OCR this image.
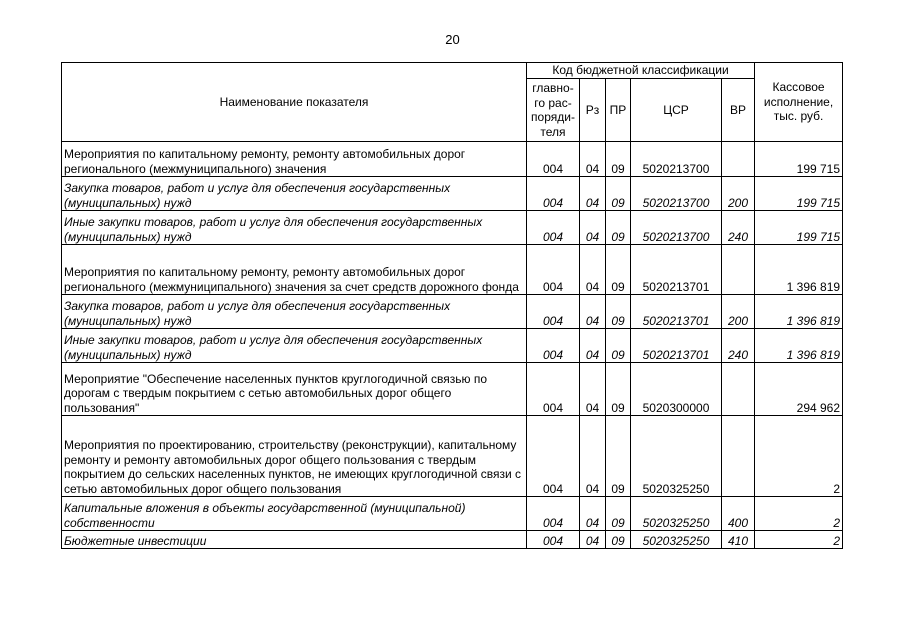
20
Наименование показателя	Код бюджетной классификации					Кассовое исполнение, тыс. руб.
	главно-го рас-поряди-теля	Рз	ПР	ЦСР	ВР	
Мероприятия по капитальному ремонту, ремонту автомобильных дорог регионального (межмуниципального) значения	004	04	09	5020213700		199 715
Закупка товаров, работ и услуг для обеспечения государственных (муниципальных) нужд	004	04	09	5020213700	200	199 715
Иные закупки товаров, работ и услуг для обеспечения государственных (муниципальных) нужд	004	04	09	5020213700	240	199 715
Мероприятия по капитальному ремонту, ремонту автомобильных дорог регионального (межмуниципального) значения за счет средств дорожного фонда	004	04	09	5020213701		1 396 819
Закупка товаров, работ и услуг для обеспечения государственных (муниципальных) нужд	004	04	09	5020213701	200	1 396 819
Иные закупки товаров, работ и услуг для обеспечения государственных (муниципальных) нужд	004	04	09	5020213701	240	1 396 819
Мероприятие "Обеспечение населенных пунктов круглогодичной связью по дорогам с твердым покрытием с сетью автомобильных дорог общего пользования"	004	04	09	5020300000		294 962
Мероприятия по проектированию, строительству (реконструкции), капитальному ремонту и ремонту автомобильных дорог общего пользования с твердым покрытием до сельских населенных пунктов, не имеющих круглогодичной связи с сетью автомобильных дорог общего пользования	004	04	09	5020325250		2
Капитальные вложения в объекты государственной (муниципальной) собственности	004	04	09	5020325250	400	2
Бюджетные инвестиции	004	04	09	5020325250	410	2
